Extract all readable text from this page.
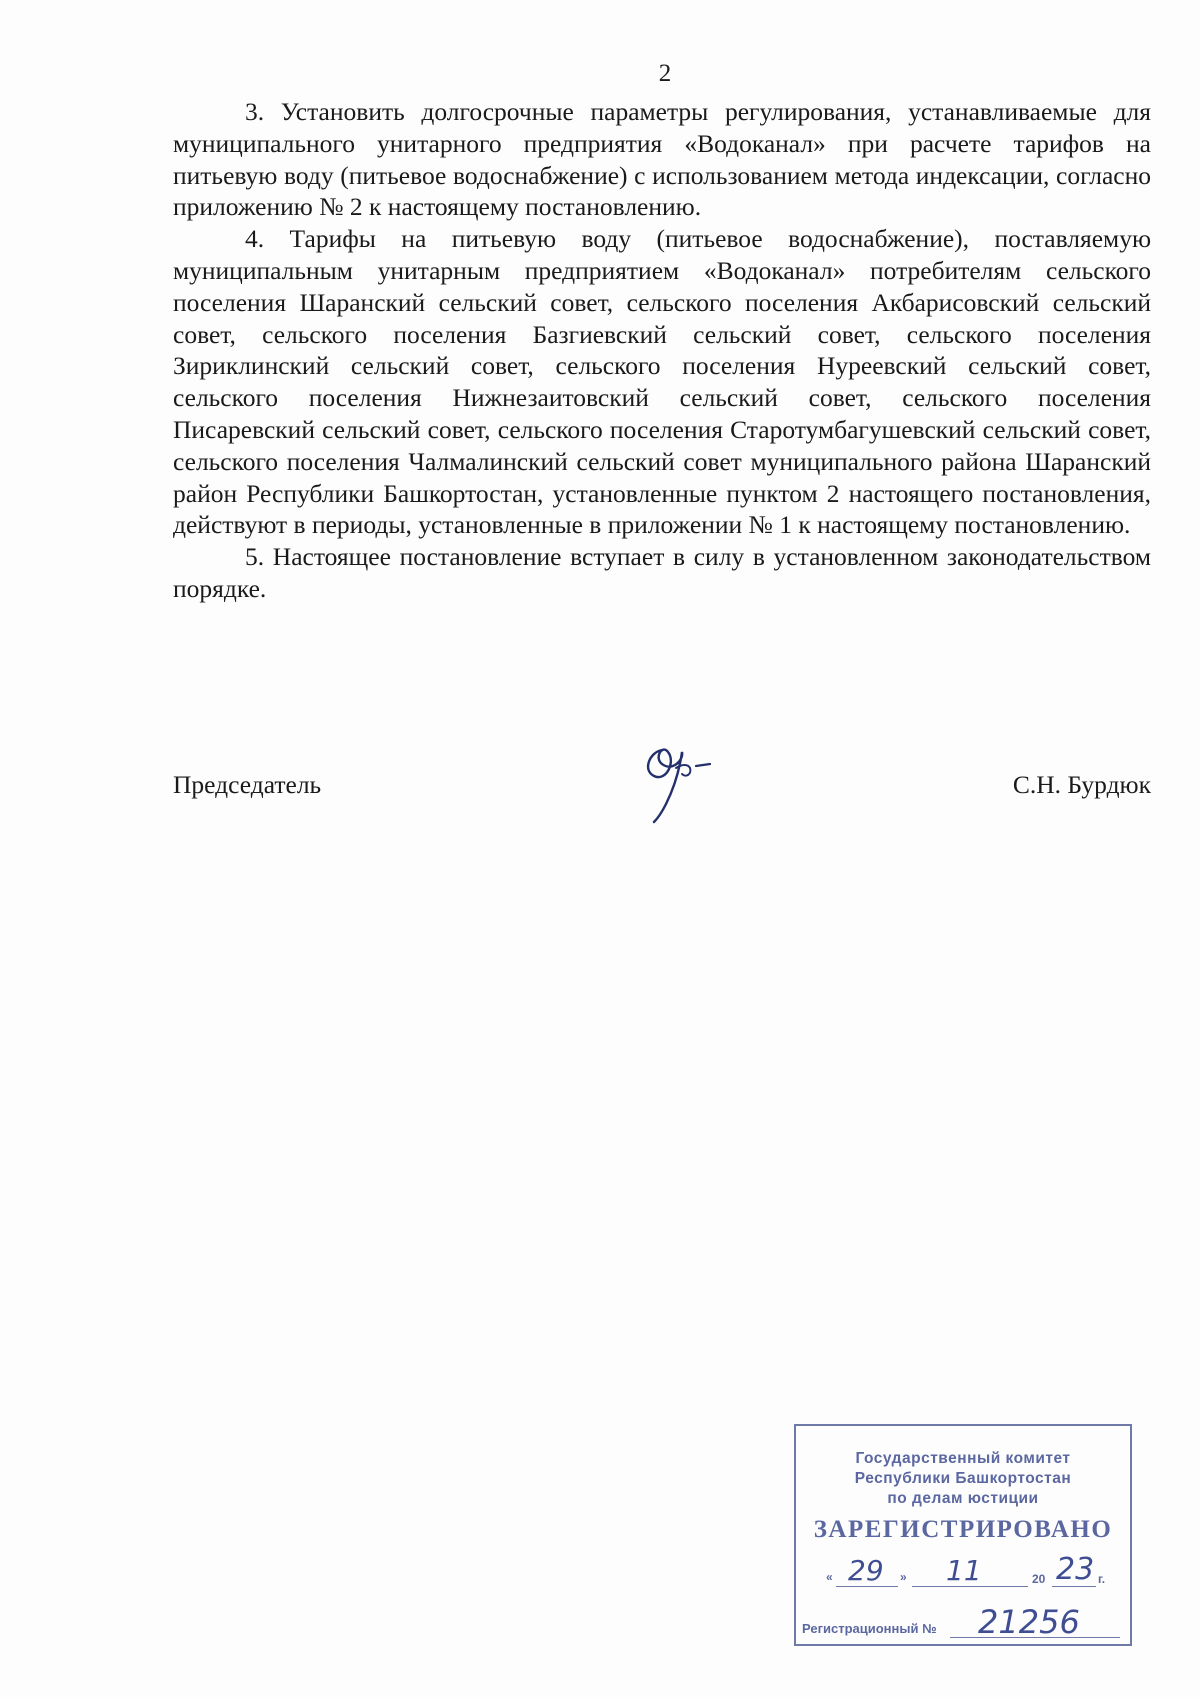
2

3. Установить долгосрочные параметры регулирования, устанавливаемые для муниципального унитарного предприятия «Водоканал» при расчете тарифов на питьевую воду (питьевое водоснабжение) с использованием метода индексации, согласно приложению № 2 к настоящему постановлению.

4. Тарифы на питьевую воду (питьевое водоснабжение), поставляемую муниципальным унитарным предприятием «Водоканал» потребителям сельского поселения Шаранский сельский совет, сельского поселения Акбарисовский сельский совет, сельского поселения Базгиевский сельский совет, сельского поселения Зириклинский сельский совет, сельского поселения Нуреевский сельский совет, сельского поселения Нижнезаитовский сельский совет, сельского поселения Писаревский сельский совет, сельского поселения Старотумбагушевский сельский совет, сельского поселения Чалмалинский сельский совет муниципального района Шаранский район Республики Башкортостан, установленные пунктом 2 настоящего постановления, действуют в периоды, установленные в приложении № 1 к настоящему постановлению.

5. Настоящее постановление вступает в силу в установленном законодательством порядке.

Председатель	С.Н. Бурдюк
Государственный комитет
Республики Башкортостан
по делам юстиции
ЗАРЕГИСТРИРОВАНО
« 29 » 11	20 23 г.
Регистрационный № 21256
